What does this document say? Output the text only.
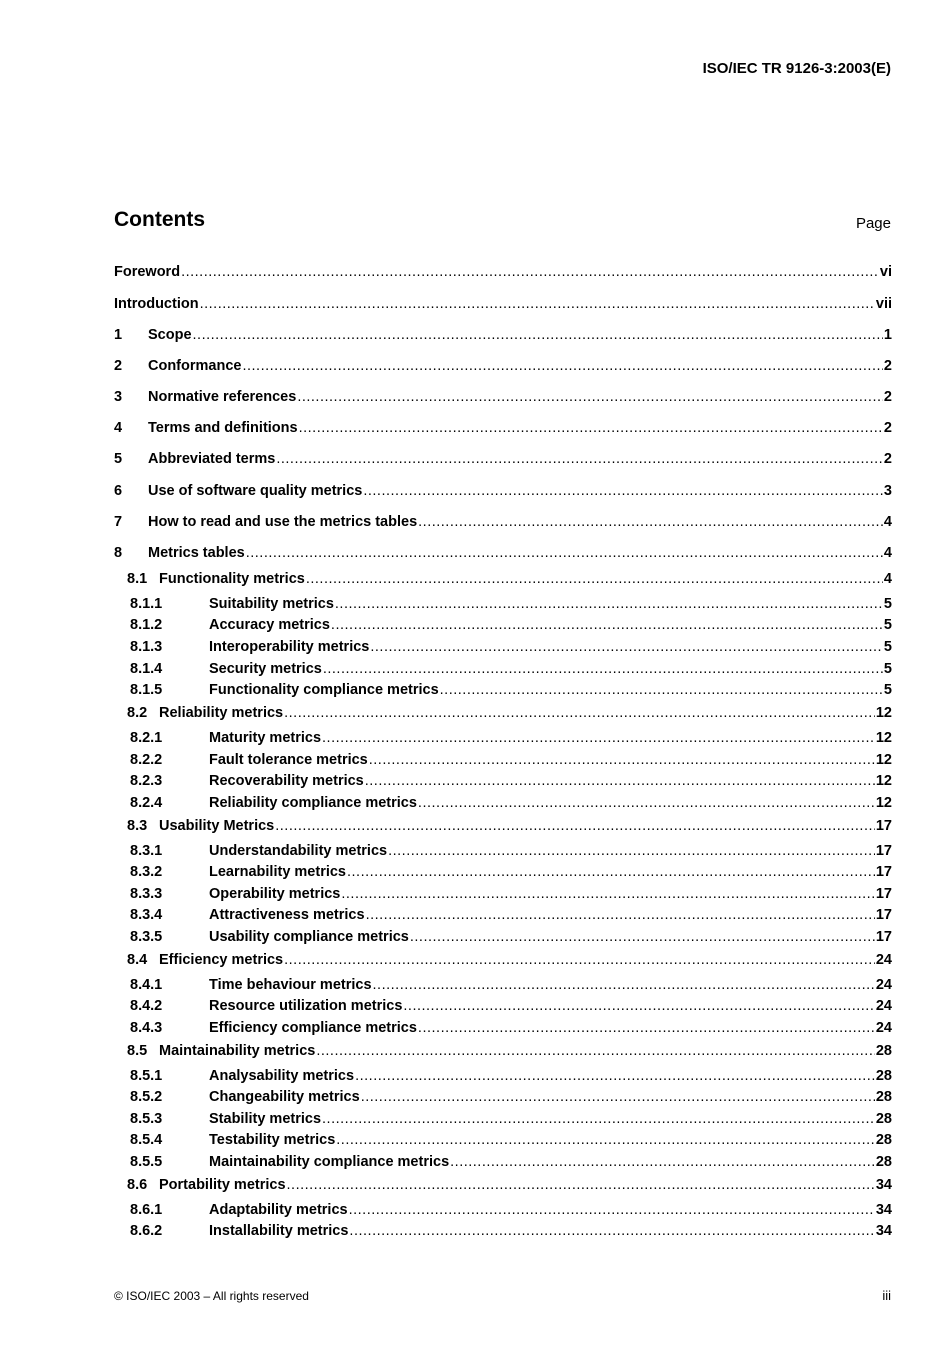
ISO/IEC TR 9126-3:2003(E)
Contents	Page
Foreword .....	vi
Introduction .....	vii
1	Scope .....	1
2	Conformance .....	2
3	Normative references .....	2
4	Terms and definitions .....	2
5	Abbreviated terms .....	2
6	Use of software quality metrics .....	3
7	How to read and use the metrics tables .....	4
8	Metrics tables .....	4
8.1 Functionality metrics .....	4
8.1.1	Suitability metrics .....	5
8.1.2	Accuracy metrics .....	5
8.1.3	Interoperability metrics .....	5
8.1.4	Security metrics .....	5
8.1.5	Functionality compliance metrics .....	5
8.2 Reliability metrics .....	12
8.2.1	Maturity metrics .....	12
8.2.2	Fault tolerance metrics .....	12
8.2.3	Recoverability metrics .....	12
8.2.4	Reliability compliance metrics .....	12
8.3 Usability Metrics .....	17
8.3.1	Understandability metrics .....	17
8.3.2	Learnability metrics .....	17
8.3.3	Operability metrics .....	17
8.3.4	Attractiveness metrics .....	17
8.3.5	Usability compliance metrics .....	17
8.4 Efficiency metrics .....	24
8.4.1	Time behaviour metrics .....	24
8.4.2	Resource utilization metrics .....	24
8.4.3	Efficiency compliance metrics .....	24
8.5 Maintainability metrics .....	28
8.5.1	Analysability metrics .....	28
8.5.2	Changeability metrics .....	28
8.5.3	Stability metrics .....	28
8.5.4	Testability metrics .....	28
8.5.5	Maintainability compliance metrics .....	28
8.6 Portability metrics .....	34
8.6.1	Adaptability metrics .....	34
8.6.2	Installability metrics .....	34
© ISO/IEC 2003 – All rights reserved	iii
